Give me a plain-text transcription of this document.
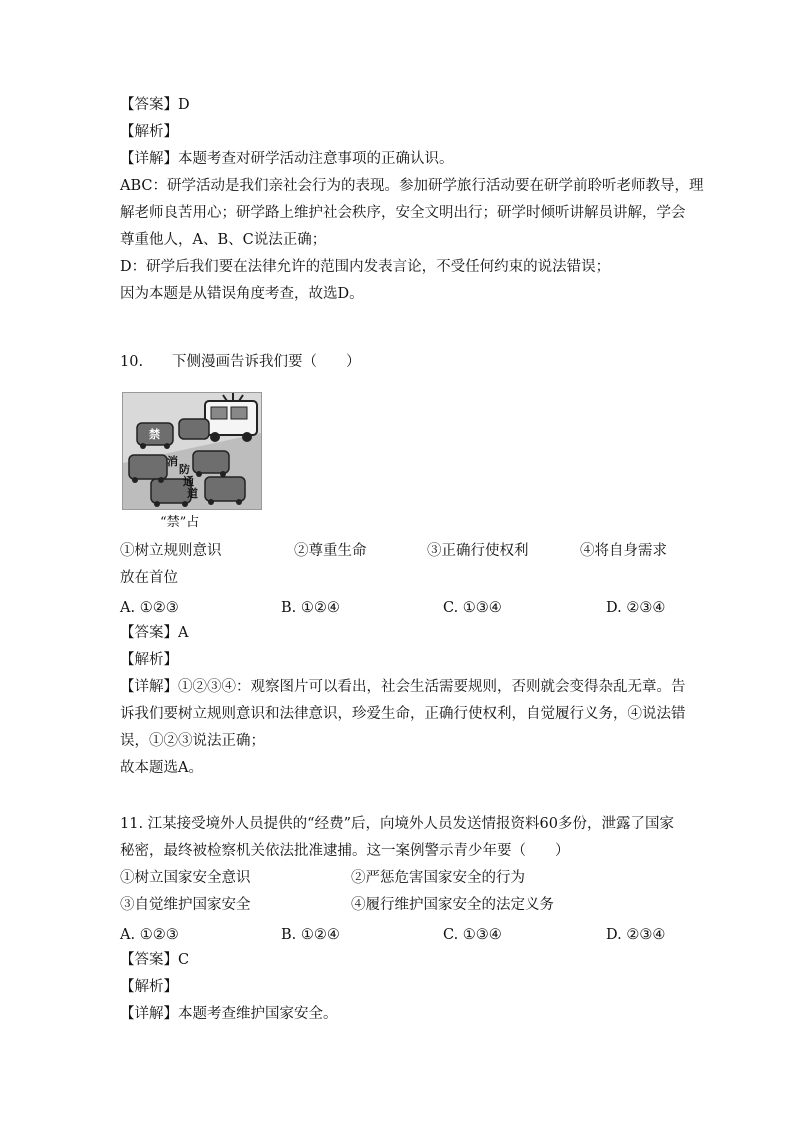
【答案】D
【解析】
【详解】本题考查对研学活动注意事项的正确认识。
ABC：研学活动是我们亲社会行为的表现。参加研学旅行活动要在研学前聆听老师教导，理
解老师良苦用心；研学路上维护社会秩序，安全文明出行；研学时倾听讲解员讲解，学会
尊重他人，A、B、C说法正确；
D：研学后我们要在法律允许的范围内发表言论，不受任何约束的说法错误；
因为本题是从错误角度考查，故选D。
10.　　下侧漫画告诉我们要（　　）
禁
消
防
通
道
“禁”占
①树立规则意识	②尊重生命	③正确行使权利	④将自身需求
放在首位
A. ①②③	B. ①②④	C. ①③④	D. ②③④
【答案】A
【解析】
【详解】①②③④：观察图片可以看出，社会生活需要规则，否则就会变得杂乱无章。告
诉我们要树立规则意识和法律意识，珍爱生命，正确行使权利，自觉履行义务，④说法错
误，①②③说法正确；
故本题选A。
11. 江某接受境外人员提供的“经费”后，向境外人员发送情报资料60多份，泄露了国家
秘密，最终被检察机关依法批准逮捕。这一案例警示青少年要（　　）
①树立国家安全意识	②严惩危害国家安全的行为
③自觉维护国家安全	④履行维护国家安全的法定义务
A. ①②③	B. ①②④	C. ①③④	D. ②③④
【答案】C
【解析】
【详解】本题考查维护国家安全。
